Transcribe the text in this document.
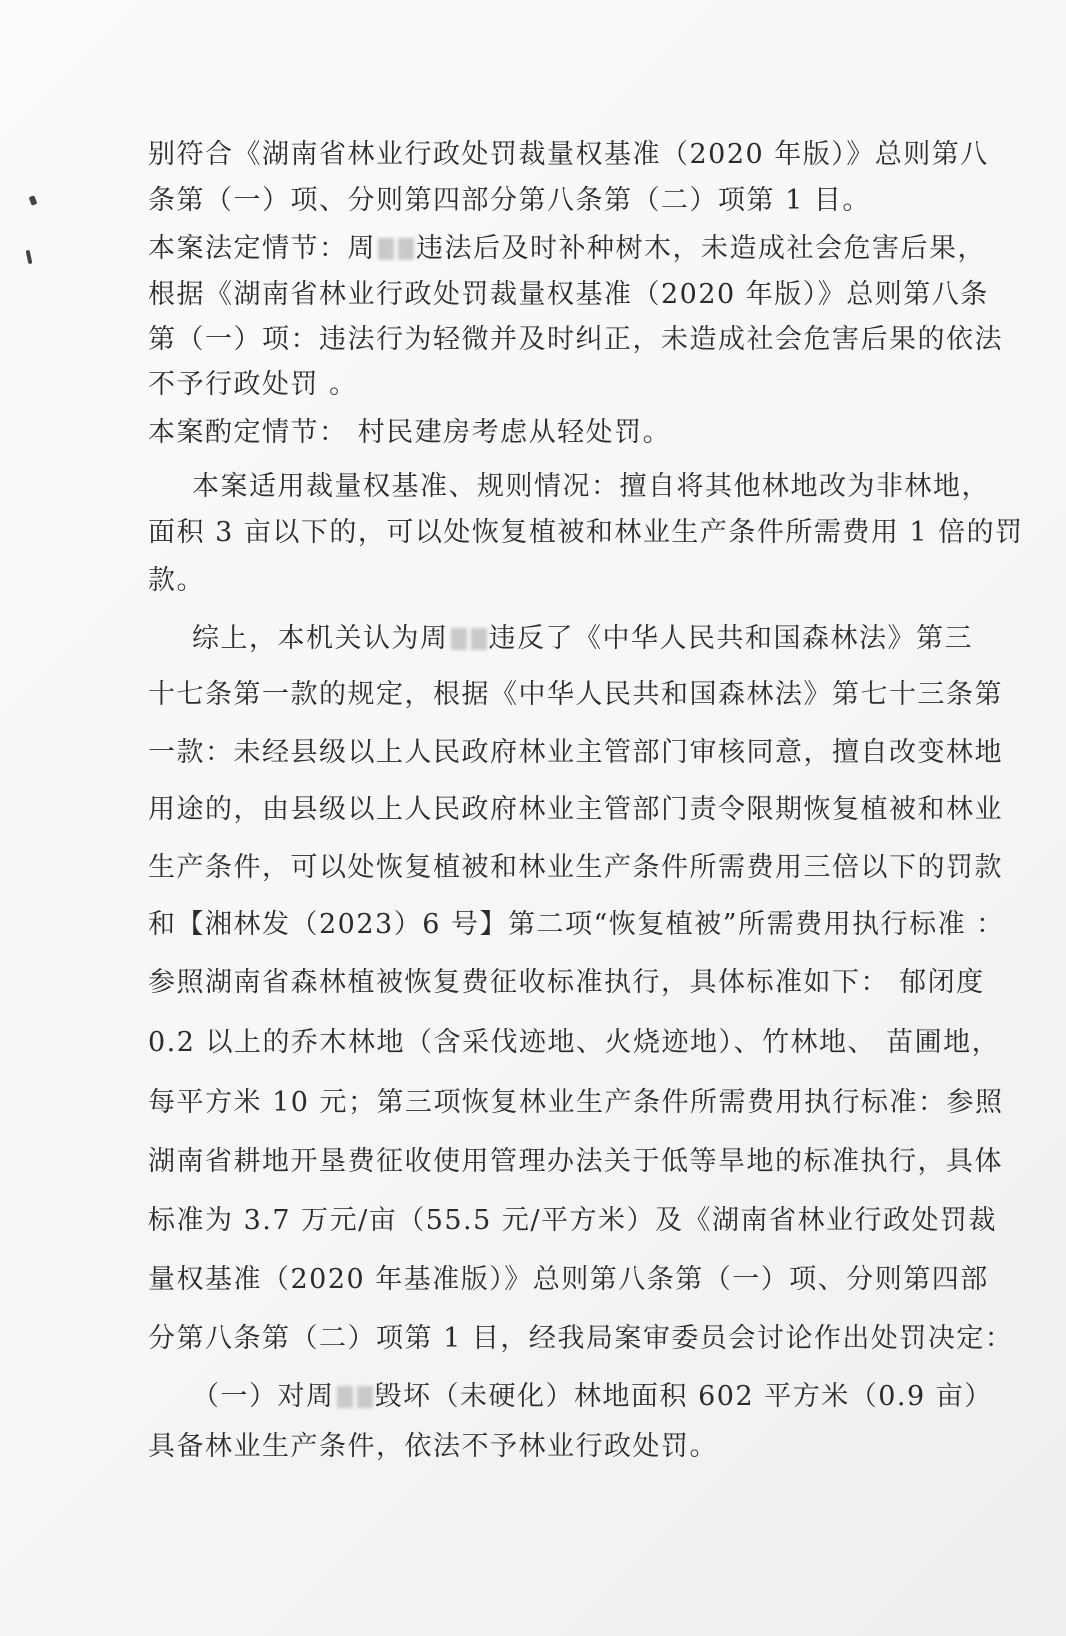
别符合《湖南省林业行政处罚裁量权基准（2020 年版）》总则第八
条第（一）项、分则第四部分第八条第（二）项第 1 目。
本案法定情节：周 违法后及时补种树木，未造成社会危害后果，
根据《湖南省林业行政处罚裁量权基准（2020 年版）》总则第八条
第（一）项：违法行为轻微并及时纠正，未造成社会危害后果的依法
不予行政处罚 。
本案酌定情节： 村民建房考虑从轻处罚。
本案适用裁量权基准、规则情况：擅自将其他林地改为非林地，
面积 3 亩以下的，可以处恢复植被和林业生产条件所需费用 1 倍的罚
款。
综上，本机关认为周 违反了《中华人民共和国森林法》第三
十七条第一款的规定，根据《中华人民共和国森林法》第七十三条第
一款：未经县级以上人民政府林业主管部门审核同意，擅自改变林地
用途的，由县级以上人民政府林业主管部门责令限期恢复植被和林业
生产条件，可以处恢复植被和林业生产条件所需费用三倍以下的罚款
和【湘林发（2023）6 号】第二项“恢复植被”所需费用执行标准 ：
参照湖南省森林植被恢复费征收标准执行，具体标准如下： 郁闭度
0.2 以上的乔木林地（含采伐迹地、火烧迹地）、竹林地、 苗圃地，
每平方米 10 元；第三项恢复林业生产条件所需费用执行标准：参照
湖南省耕地开垦费征收使用管理办法关于低等旱地的标准执行，具体
标准为 3.7 万元/亩（55.5 元/平方米）及《湖南省林业行政处罚裁
量权基准（2020 年基准版）》总则第八条第（一）项、分则第四部
分第八条第（二）项第 1 目，经我局案审委员会讨论作出处罚决定：
（一）对周 毁坏（未硬化）林地面积 602 平方米（0.9 亩）
具备林业生产条件，依法不予林业行政处罚。
